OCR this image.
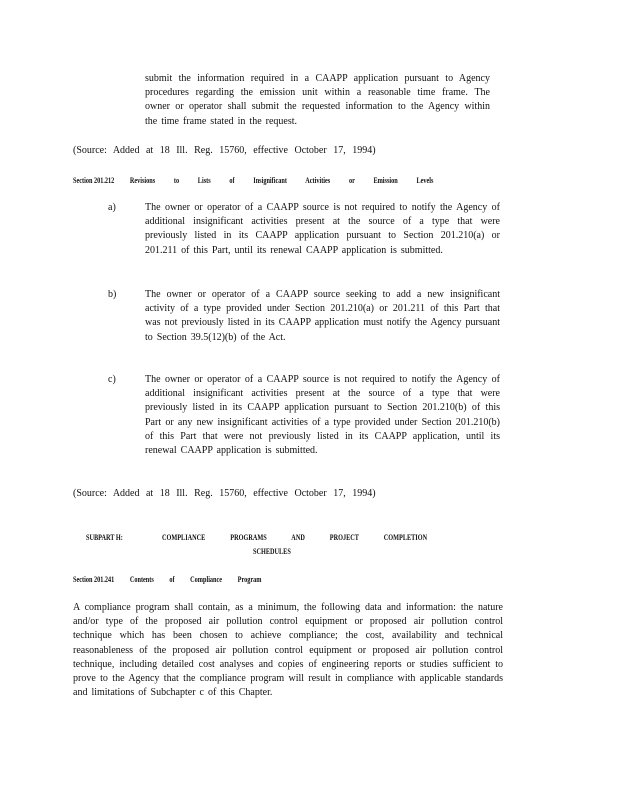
submit the information required in a CAAPP application pursuant to Agency procedures regarding the emission unit within a reasonable time frame. The owner or operator shall submit the requested information to the Agency within the time frame stated in the request.

(Source: Added at 18 Ill. Reg. 15760, effective October 17, 1994)

Section 201.212 Revisions to Lists of Insignificant Activities or Emission Levels

a)	The owner or operator of a CAAPP source is not required to notify the Agency of additional insignificant activities present at the source of a type that were previously listed in its CAAPP application pursuant to Section 201.210(a) or 201.211 of this Part, until its renewal CAAPP application is submitted.

b)	The owner or operator of a CAAPP source seeking to add a new insignificant activity of a type provided under Section 201.210(a) or 201.211 of this Part that was not previously listed in its CAAPP application must notify the Agency pursuant to Section 39.5(12)(b) of the Act.

c)	The owner or operator of a CAAPP source is not required to notify the Agency of additional insignificant activities present at the source of a type that were previously listed in its CAAPP application pursuant to Section 201.210(b) of this Part or any new insignificant activities of a type provided under Section 201.210(b) of this Part that were not previously listed in its CAAPP application, until its renewal CAAPP application is submitted.

(Source: Added at 18 Ill. Reg. 15760, effective October 17, 1994)

SUBPART H:	COMPLIANCE PROGRAMS AND PROJECT COMPLETION

SCHEDULES

Section 201.241 Contents of Compliance Program

A compliance program shall contain, as a minimum, the following data and information: the nature and/or type of the proposed air pollution control equipment or proposed air pollution control technique which has been chosen to achieve compliance; the cost, availability and technical reasonableness of the proposed air pollution control equipment or proposed air pollution control technique, including detailed cost analyses and copies of engineering reports or studies sufficient to prove to the Agency that the compliance program will result in compliance with applicable standards and limitations of Subchapter c of this Chapter.
